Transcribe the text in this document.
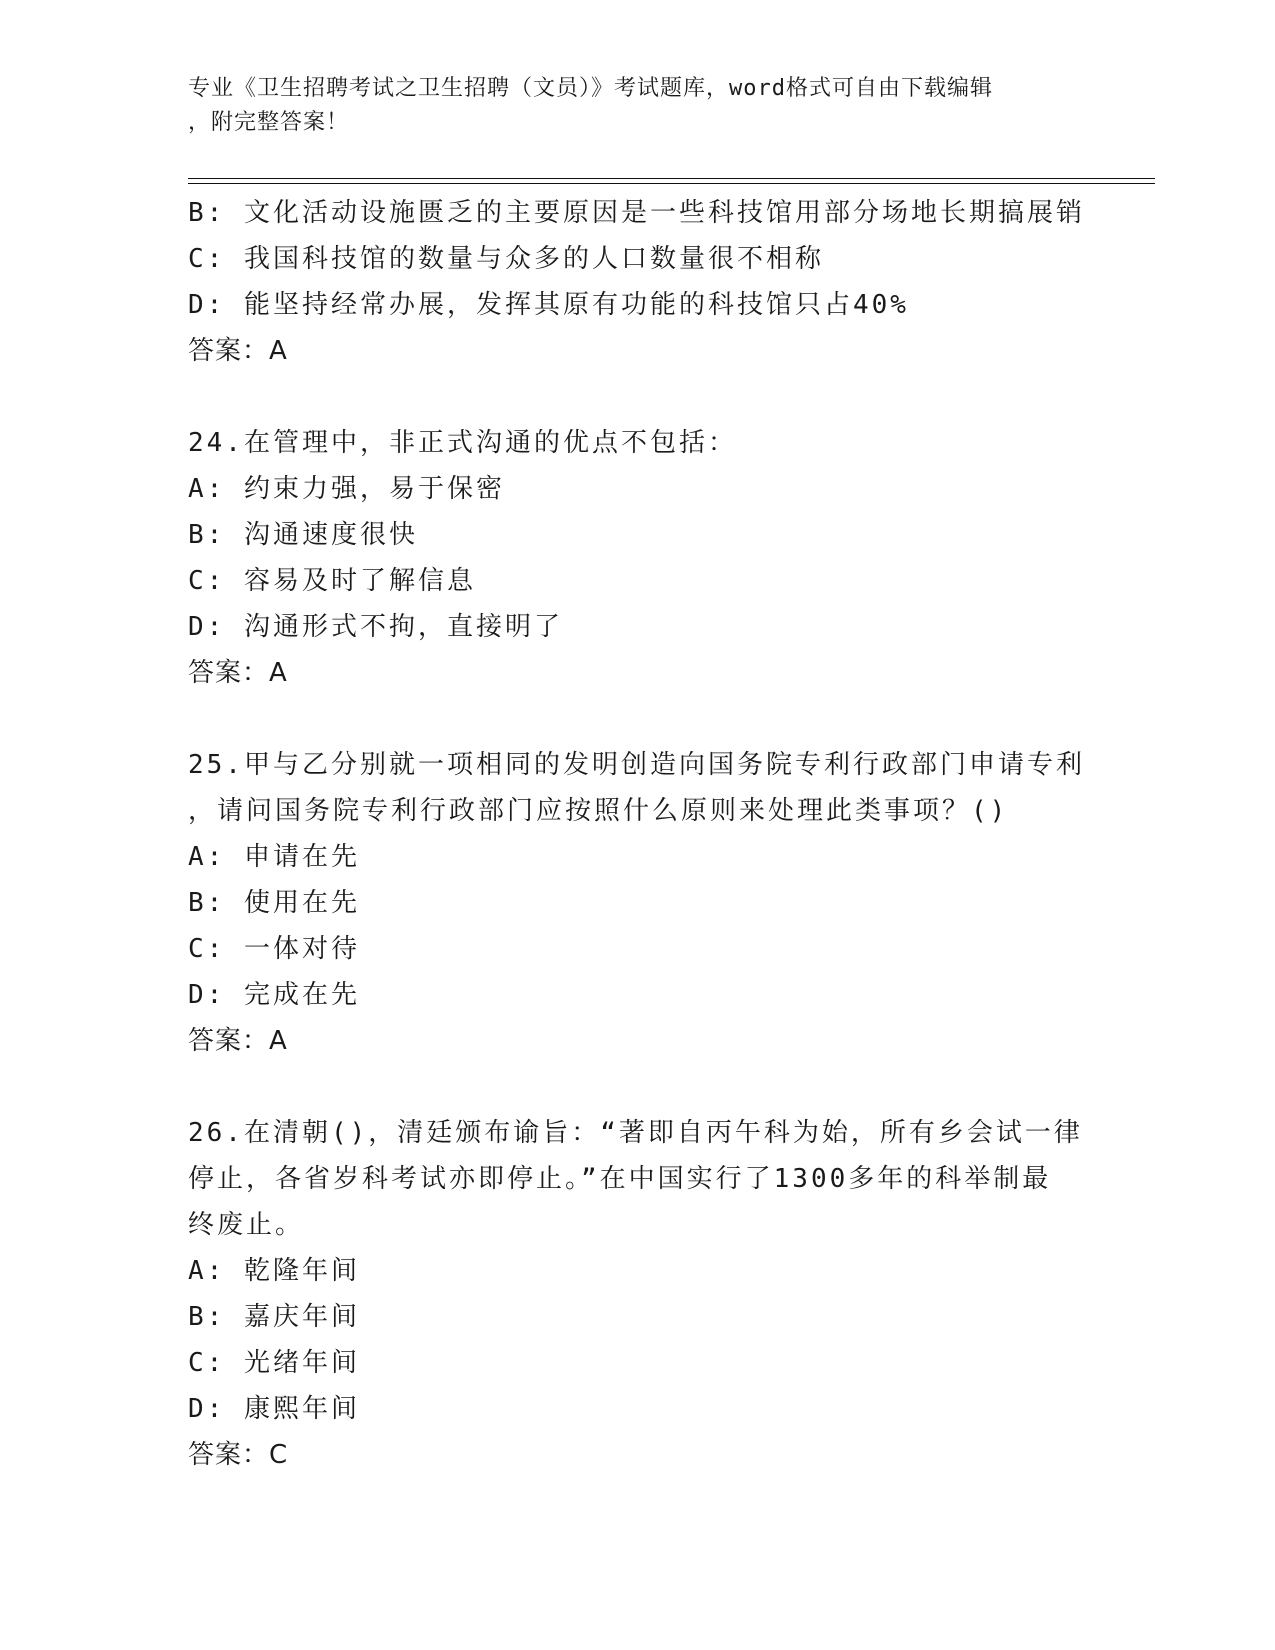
专业《卫生招聘考试之卫生招聘（文员）》考试题库，word格式可自由下载编辑
，附完整答案！
B: 文化活动设施匮乏的主要原因是一些科技馆用部分场地长期搞展销
C: 我国科技馆的数量与众多的人口数量很不相称
D: 能坚持经常办展，发挥其原有功能的科技馆只占40%
答案：A
24.在管理中，非正式沟通的优点不包括：
A: 约束力强，易于保密
B: 沟通速度很快
C: 容易及时了解信息
D: 沟通形式不拘，直接明了
答案：A
25.甲与乙分别就一项相同的发明创造向国务院专利行政部门申请专利
，请问国务院专利行政部门应按照什么原则来处理此类事项？()
A: 申请在先
B: 使用在先
C: 一体对待
D: 完成在先
答案：A
26.在清朝()，清廷颁布谕旨：“著即自丙午科为始，所有乡会试一律
停止，各省岁科考试亦即停止。”在中国实行了1300多年的科举制最
终废止。
A: 乾隆年间
B: 嘉庆年间
C: 光绪年间
D: 康熙年间
答案：C
